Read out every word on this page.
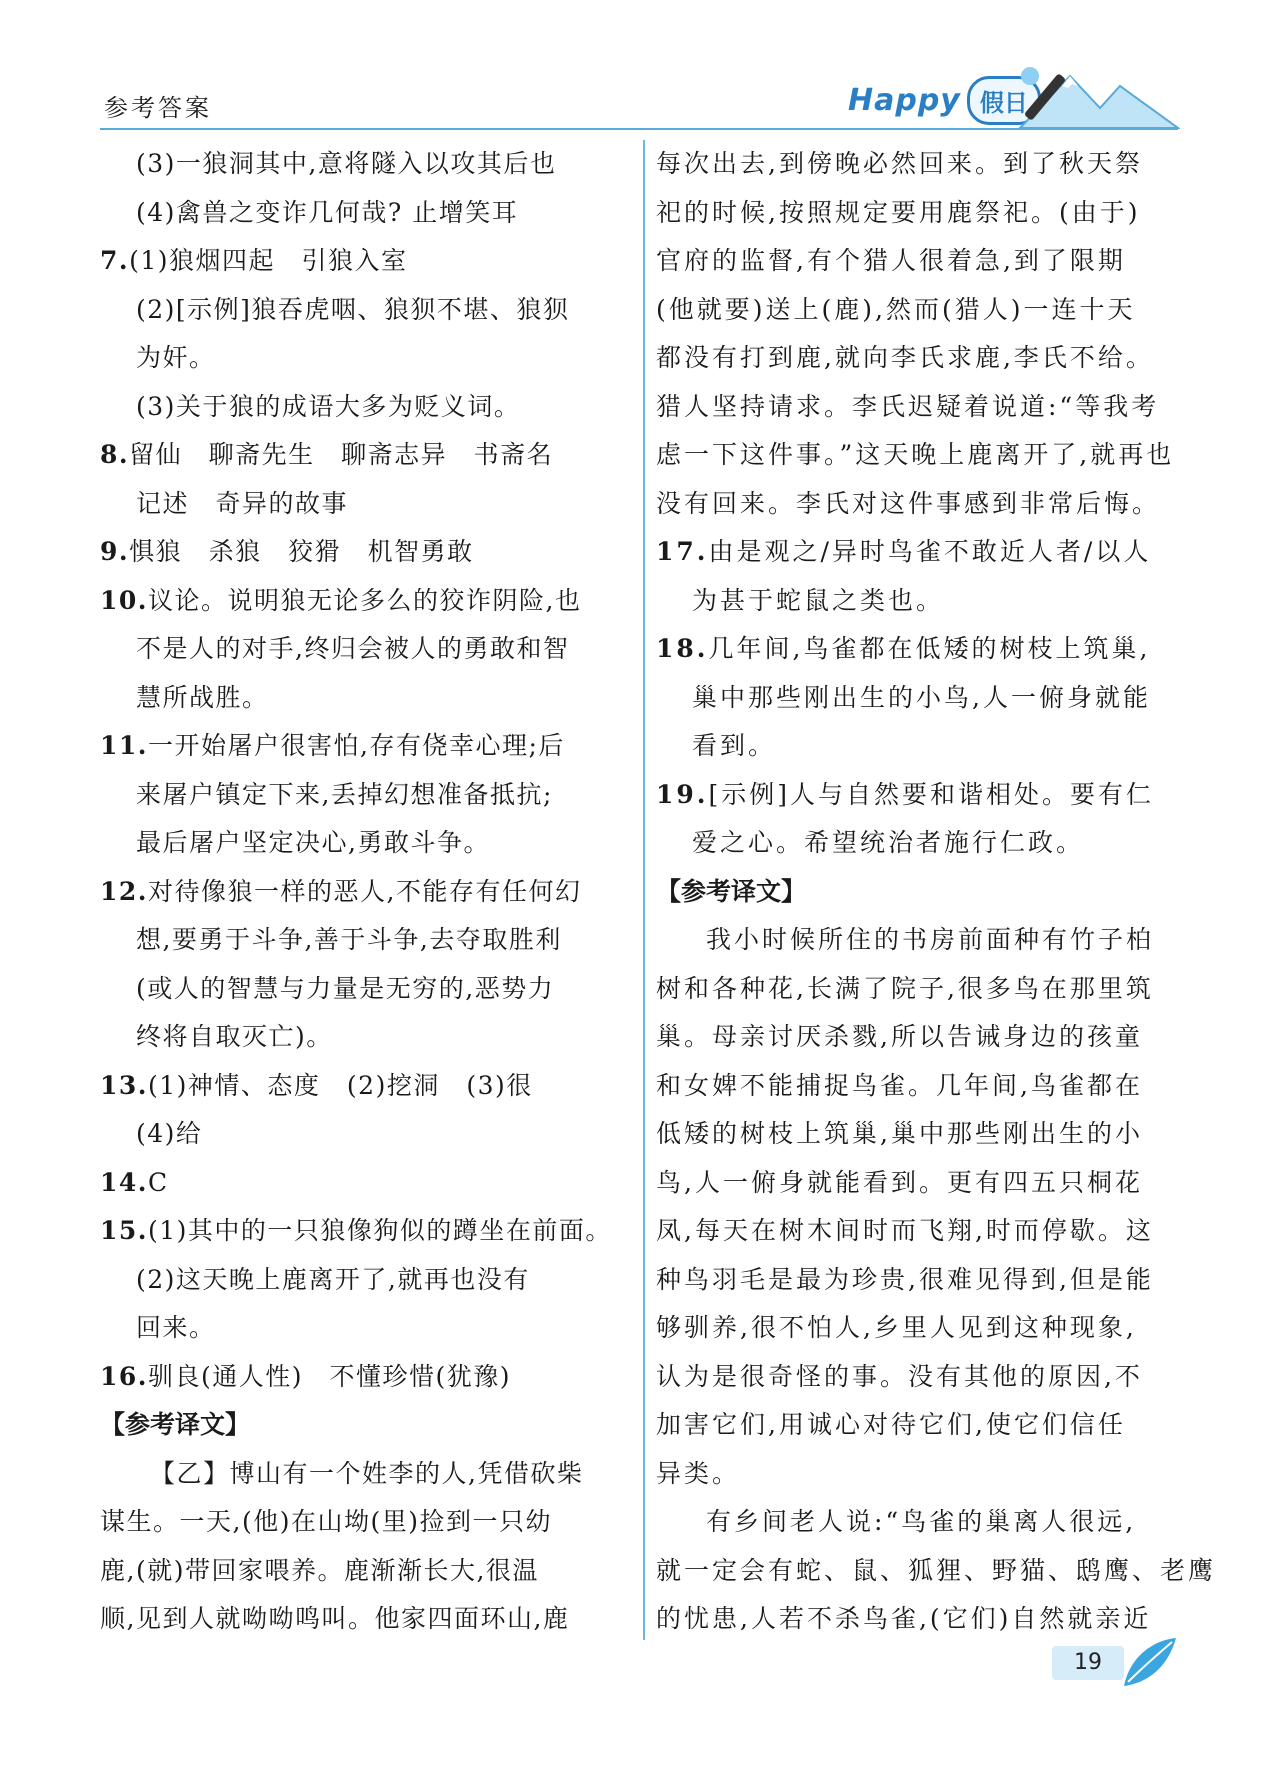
参考答案	Happy 假日
(3)一狼洞其中,意将隧入以攻其后也
(4)禽兽之变诈几何哉? 止增笑耳
7.(1)狼烟四起　引狼入室
(2)[示例]狼吞虎咽、狼狈不堪、狼狈
为奸。
(3)关于狼的成语大多为贬义词。
8.留仙　聊斋先生　聊斋志异　书斋名
记述　奇异的故事
9.惧狼　杀狼　狡猾　机智勇敢
10.议论。说明狼无论多么的狡诈阴险,也
不是人的对手,终归会被人的勇敢和智
慧所战胜。
11.一开始屠户很害怕,存有侥幸心理;后
来屠户镇定下来,丢掉幻想准备抵抗;
最后屠户坚定决心,勇敢斗争。
12.对待像狼一样的恶人,不能存有任何幻
想,要勇于斗争,善于斗争,去夺取胜利
(或人的智慧与力量是无穷的,恶势力
终将自取灭亡)。
13.(1)神情、态度　(2)挖洞　(3)很
(4)给
14.C
15.(1)其中的一只狼像狗似的蹲坐在前面。
(2)这天晚上鹿离开了,就再也没有
回来。
16.驯良(通人性)　不懂珍惜(犹豫)
【参考译文】
【乙】博山有一个姓李的人,凭借砍柴
谋生。一天,(他)在山坳(里)捡到一只幼
鹿,(就)带回家喂养。鹿渐渐长大,很温
顺,见到人就呦呦鸣叫。他家四面环山,鹿
每次出去,到傍晚必然回来。到了秋天祭
祀的时候,按照规定要用鹿祭祀。(由于)
官府的监督,有个猎人很着急,到了限期
(他就要)送上(鹿),然而(猎人)一连十天
都没有打到鹿,就向李氏求鹿,李氏不给。
猎人坚持请求。李氏迟疑着说道:“等我考
虑一下这件事。”这天晚上鹿离开了,就再也
没有回来。李氏对这件事感到非常后悔。
17.由是观之/异时鸟雀不敢近人者/以人
为甚于蛇鼠之类也。
18.几年间,鸟雀都在低矮的树枝上筑巢,
巢中那些刚出生的小鸟,人一俯身就能
看到。
19.[示例]人与自然要和谐相处。要有仁
爱之心。希望统治者施行仁政。
【参考译文】
我小时候所住的书房前面种有竹子柏
树和各种花,长满了院子,很多鸟在那里筑
巢。母亲讨厌杀戮,所以告诫身边的孩童
和女婢不能捕捉鸟雀。几年间,鸟雀都在
低矮的树枝上筑巢,巢中那些刚出生的小
鸟,人一俯身就能看到。更有四五只桐花
凤,每天在树木间时而飞翔,时而停歇。这
种鸟羽毛是最为珍贵,很难见得到,但是能
够驯养,很不怕人,乡里人见到这种现象,
认为是很奇怪的事。没有其他的原因,不
加害它们,用诚心对待它们,使它们信任
异类。
有乡间老人说:“鸟雀的巢离人很远,
就一定会有蛇、鼠、狐狸、野猫、鸱鹰、老鹰
的忧患,人若不杀鸟雀,(它们)自然就亲近
19
